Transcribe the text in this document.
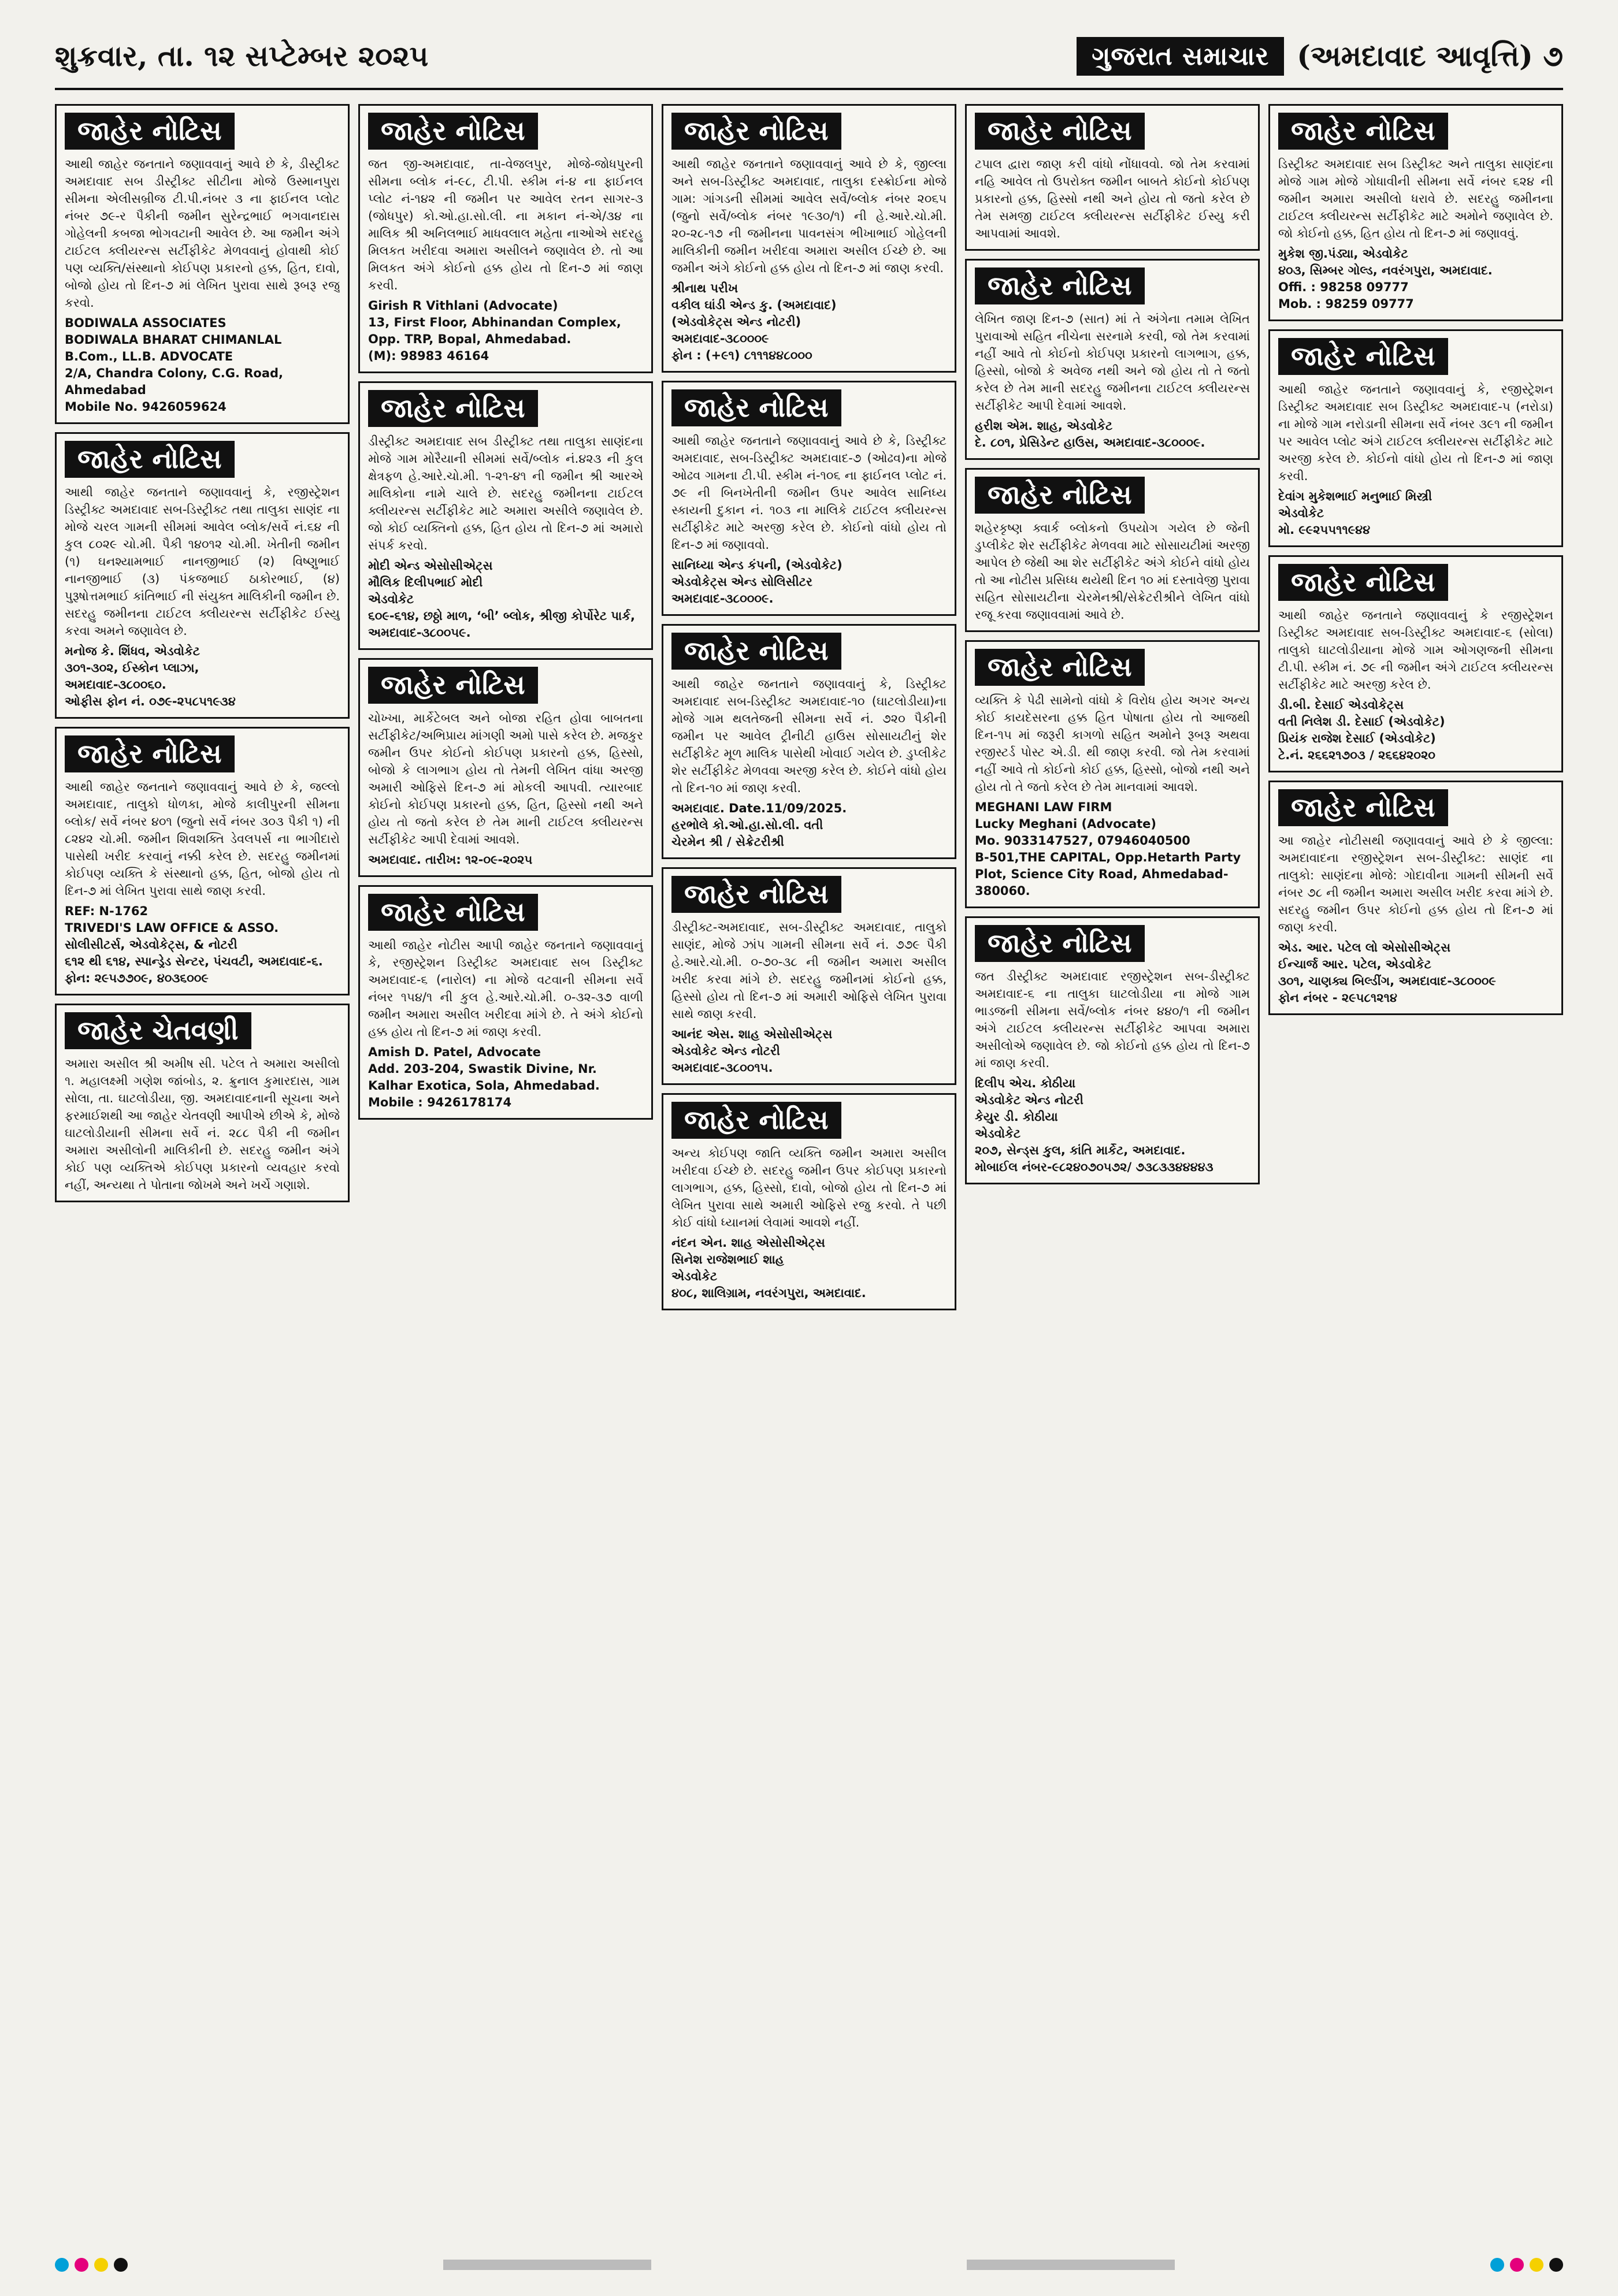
શુક્રવાર, તા. ૧૨ સપ્ટેમ્બર ૨૦૨૫	ગુજરાત સમાચાર (અમદાવાદ આવૃત્તિ) ૭
જાહેર નોટિસ
આથી જાહેર જનતાને જણાવવાનું આવે છે કે, ડીસ્ટ્રીક્ટ અમદાવાદ સબ ડીસ્ટ્રીક્ટ સીટીના મોજે ઉસ્માનપુરા સીમના એલીસબ્રીજ ટી.પી.નંબર ૩ ના ફાઈનલ પ્લોટ નંબર ૭૯-ર પૈકીની જમીન સુરેન્દ્રભાઈ ભગવાનદાસ ગોહેલની કબજા ભોગવટાની આવેલ છે. આ જમીન અંગે ટાઈટલ ક્લીયરન્સ સર્ટીફીકેટ મેળવવાનું હોવાથી કોઈ પણ વ્યક્તિ/સંસ્થાનો કોઈપણ પ્રકારનો હક્ક, હિત, દાવો, બોજો હોય તો દિન-૭ માં લેખિત પુરાવા સાથે રૂબરૂ રજુ કરવો.
BODIWALA ASSOCIATES
BODIWALA BHARAT CHIMANLAL
B.Com., LL.B. ADVOCATE
2/A, Chandra Colony, C.G. Road, Ahmedabad
Mobile No. 9426059624
જાહેર નોટિસ
આથી જાહેર જનતાને જણાવવાનું કે, રજીસ્ટ્રેશન ડિસ્ટ્રીક્ટ અમદાવાદ સબ-ડિસ્ટ્રીક્ટ તથા તાલુકા સાણંદ ના મોજે ચરલ ગામની સીમમાં આવેલ બ્લોક/સર્વે નં.૬૪ ની કુલ ૮૦૨૯ ચો.મી. પૈકી ૧૪૦૧૨ ચો.મી. ખેતીની જમીન (૧) ઘનશ્યામભાઈ નાનજીભાઈ (૨) વિષ્ણુભાઈ નાનજીભાઈ (૩) પંકજભાઈ ઠાકોરભાઈ, (૪) પુરૂષોત્તમભાઈ કાંતિભાઈ ની સંયુક્ત માલિકીની જમીન છે. સદરહુ જમીનના ટાઈટલ ક્લીયરન્સ સર્ટીફીકેટ ઈસ્યુ કરવા અમને જણાવેલ છે.
મનોજ કે. શિંધવ, એડવોકેટ
૩૦૧-૩૦૨, ઈસ્કોન પ્લાઝા,
અમદાવાદ-૩૮૦૦૬૦.
ઓફીસ ફોન નં. ૦૭૯-૨૫૮૫૧૯૩૪
જાહેર નોટિસ
આથી જાહેર જનતાને જણાવવાનું આવે છે કે, જલ્લો અમદાવાદ, તાલુકો ધોળકા, મોજે કાલીપુરની સીમના બ્લોક/ સર્વે નંબર ૪૦૧ (જુનો સર્વે નંબર ૩૦૩ પૈકી ૧) ની ૮૨૪૨ ચો.મી. જમીન શિવશક્તિ ડેવલપર્સ ના ભાગીદારો પાસેથી ખરીદ કરવાનું નક્કી કરેલ છે. સદરહુ જમીનમાં કોઈપણ વ્યક્તિ કે સંસ્થાનો હક્ક, હિત, બોજો હોય તો દિન-૭ માં લેખિત પુરાવા સાથે જાણ કરવી.
REF: N-1762
TRIVEDI'S LAW OFFICE & ASSO.
સોલીસીટર્સ, એડવોકેટ્સ, & નોટરી
૬૧૨ થી ૬૧૪, સ્પાન્ડ્રેડ સેન્ટર, પંચવટી, અમદાવાદ-૬.
ફોન: ૨૯૫૭૭૦૯, ૪૦૩૬૦૦૯
જાહેર ચેતવણી
અમારા અસીલ શ્રી અમીષ સી. પટેલ તે અમારા અસીલો ૧. મહાલક્ષ્મી ગણેશ જાંબોડ, ૨. ક્રુનાલ કુમારદાસ, ગામ સોલા, તા. ઘાટલોડીયા, જી. અમદાવાદનાની સૂચના અને ફરમાઈશથી આ જાહેર ચેતવણી આપીએ છીએ કે, મોજે ઘાટલોડીયાની સીમના સર્વે નં. ૨૮૮ પૈકી ની જમીન અમારા અસીલોની માલિકીની છે. સદરહુ જમીન અંગે કોઈ પણ વ્યક્તિએ કોઈપણ પ્રકારનો વ્યવહાર કરવો નહીં, અન્યથા તે પોતાના જોખમે અને ખર્ચે ગણાશે.
જાહેર નોટિસ
જત જી-અમદાવાદ, તા-વેજલપુર, મોજે-જોધપુરની સીમના બ્લોક નં-૯૮, ટી.પી. સ્કીમ નં-૪ ના ફાઈનલ પ્લોટ નં-૧૪૨ ની જમીન પર આવેલ રતન સાગર-૩ (જોધપુર) કો.ઓ.હા.સો.લી. ના મકાન નં-એ/૩૪ ના માલિક શ્રી અનિલભાઈ માધવલાલ મહેતા નાઓએ સદરહુ મિલકત ખરીદવા અમારા અસીલને જણાવેલ છે. તો આ મિલકત અંગે કોઈનો હક્ક હોય તો દિન-૭ માં જાણ કરવી.
Girish R Vithlani (Advocate)
13, First Floor, Abhinandan Complex, Opp. TRP, Bopal, Ahmedabad.
(M): 98983 46164
જાહેર નોટિસ
ડીસ્ટ્રીક્ટ અમદાવાદ સબ ડીસ્ટ્રીક્ટ તથા તાલુકા સાણંદના મોજે ગામ મોરૈયાની સીમમાં સર્વે/બ્લોક નં.૪૨૩ ની કુલ ક્ષેત્રફળ હે.આરે.ચો.મી. ૧-૨૧-૪૧ ની જમીન શ્રી આરએ માલિકોના નામે ચાલે છે. સદરહુ જમીનના ટાઈટલ ક્લીયરન્સ સર્ટીફીકેટ માટે અમારા અસીલે જણાવેલ છે. જો કોઈ વ્યક્તિનો હક્ક, હિત હોય તો દિન-૭ માં અમારો સંપર્ક કરવો.
મોદી એન્ડ એસોસીએટ્સ
મૌલિક દિલીપભાઈ મોદી
એડવોકેટ
૬૦૯-૬૧૪, છઠ્ઠો માળ, ‘બી’ બ્લોક, શ્રીજી કોર્પોરેટ પાર્ક, અમદાવાદ-૩૮૦૦૫૯.
જાહેર નોટિસ
ચોખ્ખા, માર્કેટેબલ અને બોજા રહિત હોવા બાબતના સર્ટીફીકેટ/અભિપ્રાય માંગણી અમો પાસે કરેલ છે. મજકુર જમીન ઉપર કોઈનો કોઈપણ પ્રકારનો હક્ક, હિસ્સો, બોજો કે લાગભાગ હોય તો તેમની લેખિત વાંધા અરજી અમારી ઓફિસે દિન-૭ માં મોકલી આપવી. ત્યારબાદ કોઈનો કોઈપણ પ્રકારનો હક્ક, હિત, હિસ્સો નથી અને હોય તો જતો કરેલ છે તેમ માની ટાઈટલ ક્લીયરન્સ સર્ટીફીકેટ આપી દેવામાં આવશે.
અમદાવાદ. તારીખ: ૧૨-૦૯-૨૦૨૫
જાહેર નોટિસ
આથી જાહેર નોટીસ આપી જાહેર જનતાને જણાવવાનું કે, રજીસ્ટ્રેશન ડિસ્ટ્રીક્ટ અમદાવાદ સબ ડિસ્ટ્રીક્ટ અમદાવાદ-૬ (નારોલ) ના મોજે વટવાની સીમના સર્વે નંબર ૧૫૪/૧ ની કુલ હે.આરે.ચો.મી. ૦-૩૨-૩૭ વાળી જમીન અમારા અસીલ ખરીદવા માંગે છે. તે અંગે કોઈનો હક્ક હોય તો દિન-૭ માં જાણ કરવી.
Amish D. Patel, Advocate
Add. 203-204, Swastik Divine, Nr. Kalhar Exotica, Sola, Ahmedabad.
Mobile : 9426178174
જાહેર નોટિસ
આથી જાહેર જનતાને જણાવવાનું આવે છે કે, જીલ્લા અને સબ-ડિસ્ટ્રીક્ટ અમદાવાદ, તાલુકા દસ્ક્રોઈના મોજે ગામ: ગાંગડની સીમમાં આવેલ સર્વે/બ્લોક નંબર ૨૦૬૫ (જુનો સર્વે/બ્લોક નંબર ૧૯૩૦/૧) ની હે.આરે.ચો.મી. ૨૦-૨૮-૧૭ ની જમીનના પાવનસંગ ભીખાભાઈ ગોહેલની માલિકીની જમીન ખરીદવા અમારા અસીલ ઈચ્છે છે. આ જમીન અંગે કોઈનો હક્ક હોય તો દિન-૭ માં જાણ કરવી.
શ્રીનાથ પરીખ
વકીલ ઘાંડી એન્ડ કુ. (અમદાવાદ)
(એડવોકેટ્સ એન્ડ નોટરી)
અમદાવાદ-૩૮૦૦૦૯
ફોન : (+૯૧) ૮૧૧૧૪૪૮૦૦૦
જાહેર નોટિસ
આથી જાહેર જનતાને જણાવવાનું આવે છે કે, ડિસ્ટ્રીક્ટ અમદાવાદ, સબ-ડિસ્ટ્રીક્ટ અમદાવાદ-૭ (ઓઢવ)ના મોજે ઓઢવ ગામના ટી.પી. સ્કીમ નં-૧૦૬ ના ફાઈનલ પ્લોટ નં. ૭૯ ની બિનખેતીની જમીન ઉપર આવેલ સાનિધ્ય સ્કાયની દુકાન નં. ૧૦૩ ના માલિકે ટાઈટલ ક્લીયરન્સ સર્ટીફીકેટ માટે અરજી કરેલ છે. કોઈનો વાંધો હોય તો દિન-૭ માં જણાવવો.
સાનિધ્યા એન્ડ કંપની, (એડવોકેટ)
એડવોકેટ્સ એન્ડ સોલિસીટર
અમદાવાદ-૩૮૦૦૦૯.
જાહેર નોટિસ
આથી જાહેર જનતાને જણાવવાનું કે, ડિસ્ટ્રીક્ટ અમદાવાદ સબ-ડિસ્ટ્રીક્ટ અમદાવાદ-૧૦ (ઘાટલોડીયા)ના મોજે ગામ થલતેજની સીમના સર્વે નં. ૭૨૦ પૈકીની જમીન પર આવેલ ટ્રીનીટી હાઉસ સોસાયટીનું શેર સર્ટીફીકેટ મૂળ માલિક પાસેથી ખોવાઈ ગયેલ છે. ડુપ્લીકેટ શેર સર્ટીફીકેટ મેળવવા અરજી કરેલ છે. કોઈને વાંધો હોય તો દિન-૧૦ માં જાણ કરવી.
અમદાવાદ. Date.11/09/2025.
હરભોલે કો.ઓ.હા.સો.લી. વતી
ચેરમેન શ્રી / સેક્રેટરીશ્રી
જાહેર નોટિસ
ડીસ્ટ્રીક્ટ-અમદાવાદ, સબ-ડીસ્ટ્રીક્ટ અમદાવાદ, તાલુકો સાણંદ, મોજે ઝાંપ ગામની સીમના સર્વે નં. ૭૭૯ પૈકી હે.આરે.ચો.મી. ૦-૭૦-૩૮ ની જમીન અમારા અસીલ ખરીદ કરવા માંગે છે. સદરહુ જમીનમાં કોઈનો હક્ક, હિસ્સો હોય તો દિન-૭ માં અમારી ઓફિસે લેખિત પુરાવા સાથે જાણ કરવી.
આનંદ એસ. શાહ એસોસીએટ્સ
એડવોકેટ એન્ડ નોટરી
અમદાવાદ-૩૮૦૦૧૫.
જાહેર નોટિસ
અન્ય કોઈપણ જાતિ વ્યક્તિ જમીન અમારા અસીલ ખરીદવા ઈચ્છે છે. સદરહુ જમીન ઉપર કોઈપણ પ્રકારનો લાગભાગ, હક્ક, હિસ્સો, દાવો, બોજો હોય તો દિન-૭ માં લેખિત પુરાવા સાથે અમારી ઓફિસે રજુ કરવો. તે પછી કોઈ વાંધો ધ્યાનમાં લેવામાં આવશે નહીં.
નંદન એન. શાહ એસોસીએટ્સ
સિનેશ રાજેશભાઈ શાહ
એડવોકેટ
૪૦૮, શાલિગ્રામ, નવરંગપુરા, અમદાવાદ.
જાહેર નોટિસ
ટપાલ દ્વારા જાણ કરી વાંધો નોંધાવવો. જો તેમ કરવામાં નહિ આવેલ તો ઉપરોક્ત જમીન બાબતે કોઈનો કોઈપણ પ્રકારનો હક્ક, હિસ્સો નથી અને હોય તો જતો કરેલ છે તેમ સમજી ટાઈટલ ક્લીયરન્સ સર્ટીફીકેટ ઈસ્યુ કરી આપવામાં આવશે.
જાહેર નોટિસ
લેખિત જાણ દિન-૭ (સાત) માં તે અંગેના તમામ લેખિત પુરાવાઓ સહિત નીચેના સરનામે કરવી, જો તેમ કરવામાં નહીં આવે તો કોઈનો કોઈપણ પ્રકારનો લાગભાગ, હક્ક, હિસ્સો, બોજો કે અવેજ નથી અને જો હોય તો તે જતો કરેલ છે તેમ માની સદરહુ જમીનના ટાઈટલ ક્લીયરન્સ સર્ટીફીકેટ આપી દેવામાં આવશે.
હરીશ એમ. શાહ, એડવોકેટ
દે. ૮૦૧, પ્રેસિડેન્ટ હાઉસ, અમદાવાદ-૩૮૦૦૦૯.
જાહેર નોટિસ
શહેરકૃષ્ણ ક્વાર્ક બ્લોકનો ઉપયોગ ગયેલ છે જેની ડુપ્લીકેટ શેર સર્ટીફીકેટ મેળવવા માટે સોસાયટીમાં અરજી આપેલ છે જેથી આ શેર સર્ટીફીકેટ અંગે કોઈને વાંધો હોય તો આ નોટીસ પ્રસિધ્ધ થયેથી દિન ૧૦ માં દસ્તાવેજી પુરાવા સહિત સોસાયટીના ચેરમેનશ્રી/સેક્રેટરીશ્રીને લેખિત વાંધો રજૂ કરવા જણાવવામાં આવે છે.
જાહેર નોટિસ
વ્યક્તિ કે પેઢી સામેનો વાંધો કે વિરોધ હોય અગર અન્ય કોઈ કાયદેસરના હક્ક હિત પોષાતા હોય તો આજથી દિન-૧૫ માં જરૂરી કાગળો સહિત અમોને રૂબરૂ અથવા રજીસ્ટર્ડ પોસ્ટ એ.ડી. થી જાણ કરવી. જો તેમ કરવામાં નહીં આવે તો કોઈનો કોઈ હક્ક, હિસ્સો, બોજો નથી અને હોય તો તે જતો કરેલ છે તેમ માનવામાં આવશે.
MEGHANI LAW FIRM
Lucky Meghani (Advocate)
Mo. 9033147527, 07946040500
B-501,THE CAPITAL, Opp.Hetarth Party Plot, Science City Road, Ahmedabad-380060.
જાહેર નોટિસ
જત ડીસ્ટ્રીક્ટ અમદાવાદ રજીસ્ટ્રેશન સબ-ડીસ્ટ્રીક્ટ અમદાવાદ-૬ ના તાલુકા ઘાટલોડીયા ના મોજે ગામ ભાડજની સીમના સર્વે/બ્લોક નંબર ૪૪૦/૧ ની જમીન અંગે ટાઈટલ ક્લીયરન્સ સર્ટીફીકેટ આપવા અમારા અસીલોએ જણાવેલ છે. જો કોઈનો હક્ક હોય તો દિન-૭ માં જાણ કરવી.
દિલીપ એચ. કોઠીયા
એડવોકેટ એન્ડ નોટરી
કેયુર ડી. કોઠીયા
એડવોકેટ
૨૦૭, સેન્ડ્સ કુલ, કાંતિ માર્કેટ, અમદાવાદ.
મોબાઈલ નંબર-૯૮૨૪૦૭૦૫૭૨/ ૭૩૮૩૩૪૪૪૪૩
જાહેર નોટિસ
ડિસ્ટ્રીક્ટ અમદાવાદ સબ ડિસ્ટ્રીક્ટ અને તાલુકા સાણંદના મોજે ગામ મોજે ગોધાવીની સીમના સર્વે નંબર ૬૨૪ ની જમીન અમારા અસીલો ધરાવે છે. સદરહુ જમીનના ટાઈટલ ક્લીયરન્સ સર્ટીફીકેટ માટે અમોને જણાવેલ છે. જો કોઈનો હક્ક, હિત હોય તો દિન-૭ માં જણાવવું.
મુકેશ જી.પંડ્યા, એડવોકેટ
૪૦૩, સિમ્બર ગોલ્ડ, નવરંગપુરા, અમદાવાદ.
Offi. : 98258 09777
Mob. : 98259 09777
જાહેર નોટિસ
આથી જાહેર જનતાને જણાવવાનું કે, રજીસ્ટ્રેશન ડિસ્ટ્રીક્ટ અમદાવાદ સબ ડિસ્ટ્રીક્ટ અમદાવાદ-૫ (નરોડા) ના મોજે ગામ નરોડાની સીમના સર્વે નંબર ૩૯૧ ની જમીન પર આવેલ પ્લોટ અંગે ટાઈટલ ક્લીયરન્સ સર્ટીફીકેટ માટે અરજી કરેલ છે. કોઈનો વાંધો હોય તો દિન-૭ માં જાણ કરવી.
દેવાંગ મુકેશભાઈ મનુભાઈ મિસ્ત્રી
એડવોકેટ
મો. ૯૯૨૫૫૧૧૯૪૪
જાહેર નોટિસ
આથી જાહેર જનતાને જણાવવાનું કે રજીસ્ટ્રેશન ડિસ્ટ્રીક્ટ અમદાવાદ સબ-ડિસ્ટ્રીક્ટ અમદાવાદ-૬ (સોલા) તાલુકો ઘાટલોડીયાના મોજે ગામ ઓગણજની સીમના ટી.પી. સ્કીમ નં. ૭૯ ની જમીન અંગે ટાઈટલ ક્લીયરન્સ સર્ટીફીકેટ માટે અરજી કરેલ છે.
ડી.બી. દેસાઈ એડવોકેટ્સ
વતી નિલેશ ડી. દેસાઈ (એડવોકેટ)
પ્રિયંક રાજેશ દેસાઈ (એડવોકેટ)
ટે.નં. ૨૬૬૨૧૭૦૩ / ૨૬૬૪૨૦૨૦
જાહેર નોટિસ
આ જાહેર નોટીસથી જણાવવાનું આવે છે કે જીલ્લા: અમદાવાદના રજીસ્ટ્રેશન સબ-ડીસ્ટ્રીક્ટ: સાણંદ ના તાલુકો: સાણંદના મોજે: ગોદાવીના ગામની સીમની સર્વે નંબર ૭૮ ની જમીન અમારા અસીલ ખરીદ કરવા માંગે છે. સદરહુ જમીન ઉપર કોઈનો હક્ક હોય તો દિન-૭ માં જાણ કરવી.
એડ. આર. પટેલ લો એસોસીએટ્સ
ઈન્ચાર્જ આર. પટેલ, એડવોકેટ
૩૦૧, ચાણક્ય બિલ્ડીંગ, અમદાવાદ-૩૮૦૦૦૯
ફોન નંબર - ૨૯૫૮૧૨૧૪
